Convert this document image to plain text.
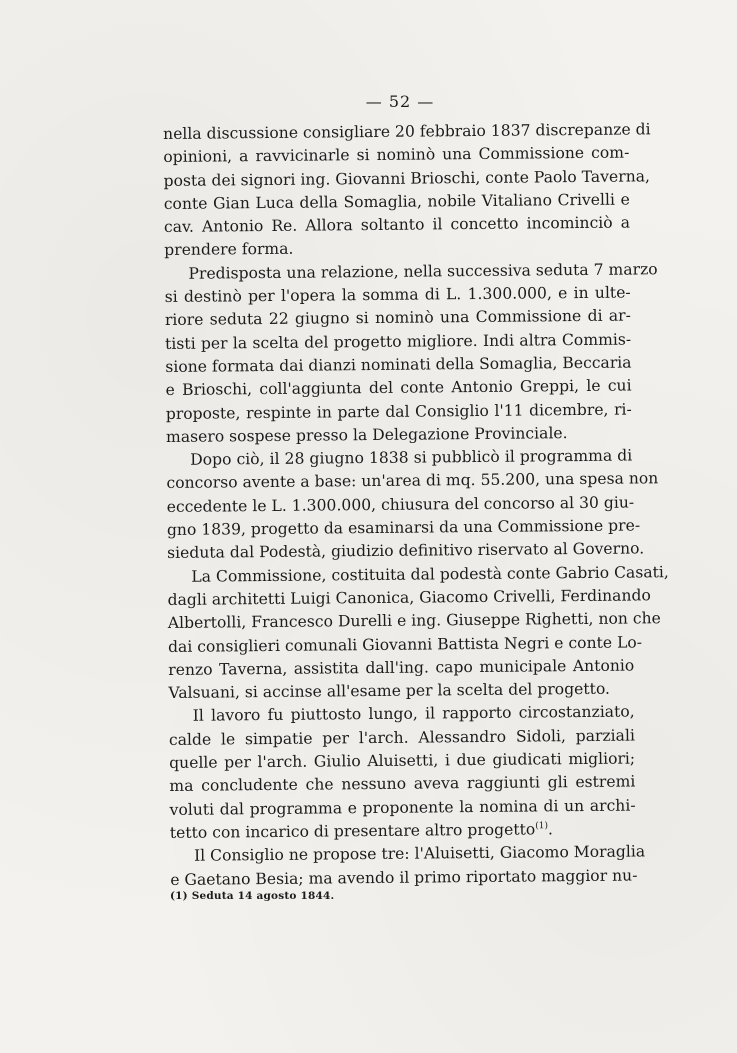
— 52 —
nella discussione consigliare 20 febbraio 1837 discrepanze di
opinioni, a ravvicinarle si nominò una Commissione com-
posta dei signori ing. Giovanni Brioschi, conte Paolo Taverna,
conte Gian Luca della Somaglia, nobile Vitaliano Crivelli e
cav. Antonio Re. Allora soltanto il concetto incominciò a
prendere forma.
Predisposta una relazione, nella successiva seduta 7 marzo
si destinò per l'opera la somma di L. 1.300.000, e in ulte-
riore seduta 22 giugno si nominò una Commissione di ar-
tisti per la scelta del progetto migliore. Indi altra Commis-
sione formata dai dianzi nominati della Somaglia, Beccaria
e Brioschi, coll'aggiunta del conte Antonio Greppi, le cui
proposte, respinte in parte dal Consiglio l'11 dicembre, ri-
masero sospese presso la Delegazione Provinciale.
Dopo ciò, il 28 giugno 1838 si pubblicò il programma di
concorso avente a base: un'area di mq. 55.200, una spesa non
eccedente le L. 1.300.000, chiusura del concorso al 30 giu-
gno 1839, progetto da esaminarsi da una Commissione pre-
sieduta dal Podestà, giudizio definitivo riservato al Governo.
La Commissione, costituita dal podestà conte Gabrio Casati,
dagli architetti Luigi Canonica, Giacomo Crivelli, Ferdinando
Albertolli, Francesco Durelli e ing. Giuseppe Righetti, non che
dai consiglieri comunali Giovanni Battista Negri e conte Lo-
renzo Taverna, assistita dall'ing. capo municipale Antonio
Valsuani, si accinse all'esame per la scelta del progetto.
Il lavoro fu piuttosto lungo, il rapporto circostanziato,
calde le simpatie per l'arch. Alessandro Sidoli, parziali
quelle per l'arch. Giulio Aluisetti, i due giudicati migliori;
ma concludente che nessuno aveva raggiunti gli estremi
voluti dal programma e proponente la nomina di un archi-
tetto con incarico di presentare altro progetto$^{(1)}$.
Il Consiglio ne propose tre: l'Aluisetti, Giacomo Moraglia
e Gaetano Besia; ma avendo il primo riportato maggior nu-
(1) Seduta 14 agosto 1844.
